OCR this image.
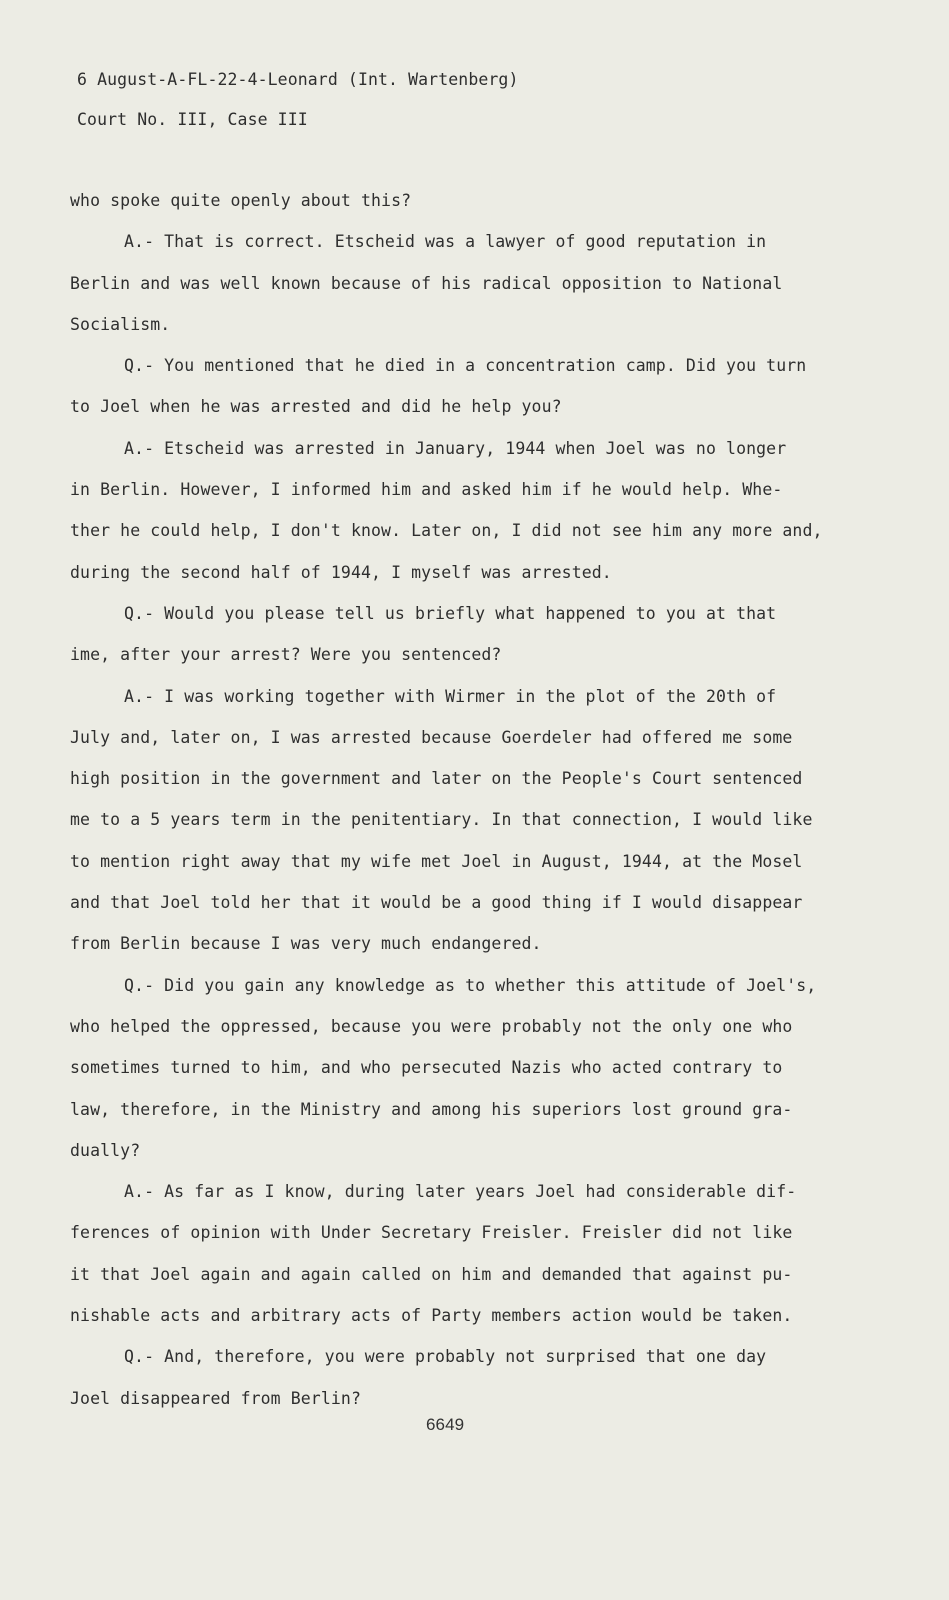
6 August-A-FL-22-4-Leonard (Int. Wartenberg)
Court No. III, Case III
who spoke quite openly about this?
A.- That is correct. Etscheid was a lawyer of good reputation in
Berlin and was well known because of his radical opposition to National
Socialism.
Q.- You mentioned that he died in a concentration camp. Did you turn
to Joel when he was arrested and did he help you?
A.- Etscheid was arrested in January, 1944 when Joel was no longer
in Berlin. However, I informed him and asked him if he would help. Whe-
ther he could help, I don't know. Later on, I did not see him any more and,
during the second half of 1944, I myself was arrested.
Q.- Would you please tell us briefly what happened to you at that
ime, after your arrest? Were you sentenced?
A.- I was working together with Wirmer in the plot of the 20th of
July and, later on, I was arrested because Goerdeler had offered me some
high position in the government and later on the People's Court sentenced
me to a 5 years term in the penitentiary. In that connection, I would like
to mention right away that my wife met Joel in August, 1944, at the Mosel
and that Joel told her that it would be a good thing if I would disappear
from Berlin because I was very much endangered.
Q.- Did you gain any knowledge as to whether this attitude of Joel's,
who helped the oppressed, because you were probably not the only one who
sometimes turned to him, and who persecuted Nazis who acted contrary to
law, therefore, in the Ministry and among his superiors lost ground gra-
dually?
A.- As far as I know, during later years Joel had considerable dif-
ferences of opinion with Under Secretary Freisler. Freisler did not like
it that Joel again and again called on him and demanded that against pu-
nishable acts and arbitrary acts of Party members action would be taken.
Q.- And, therefore, you were probably not surprised that one day
Joel disappeared from Berlin?
6649
